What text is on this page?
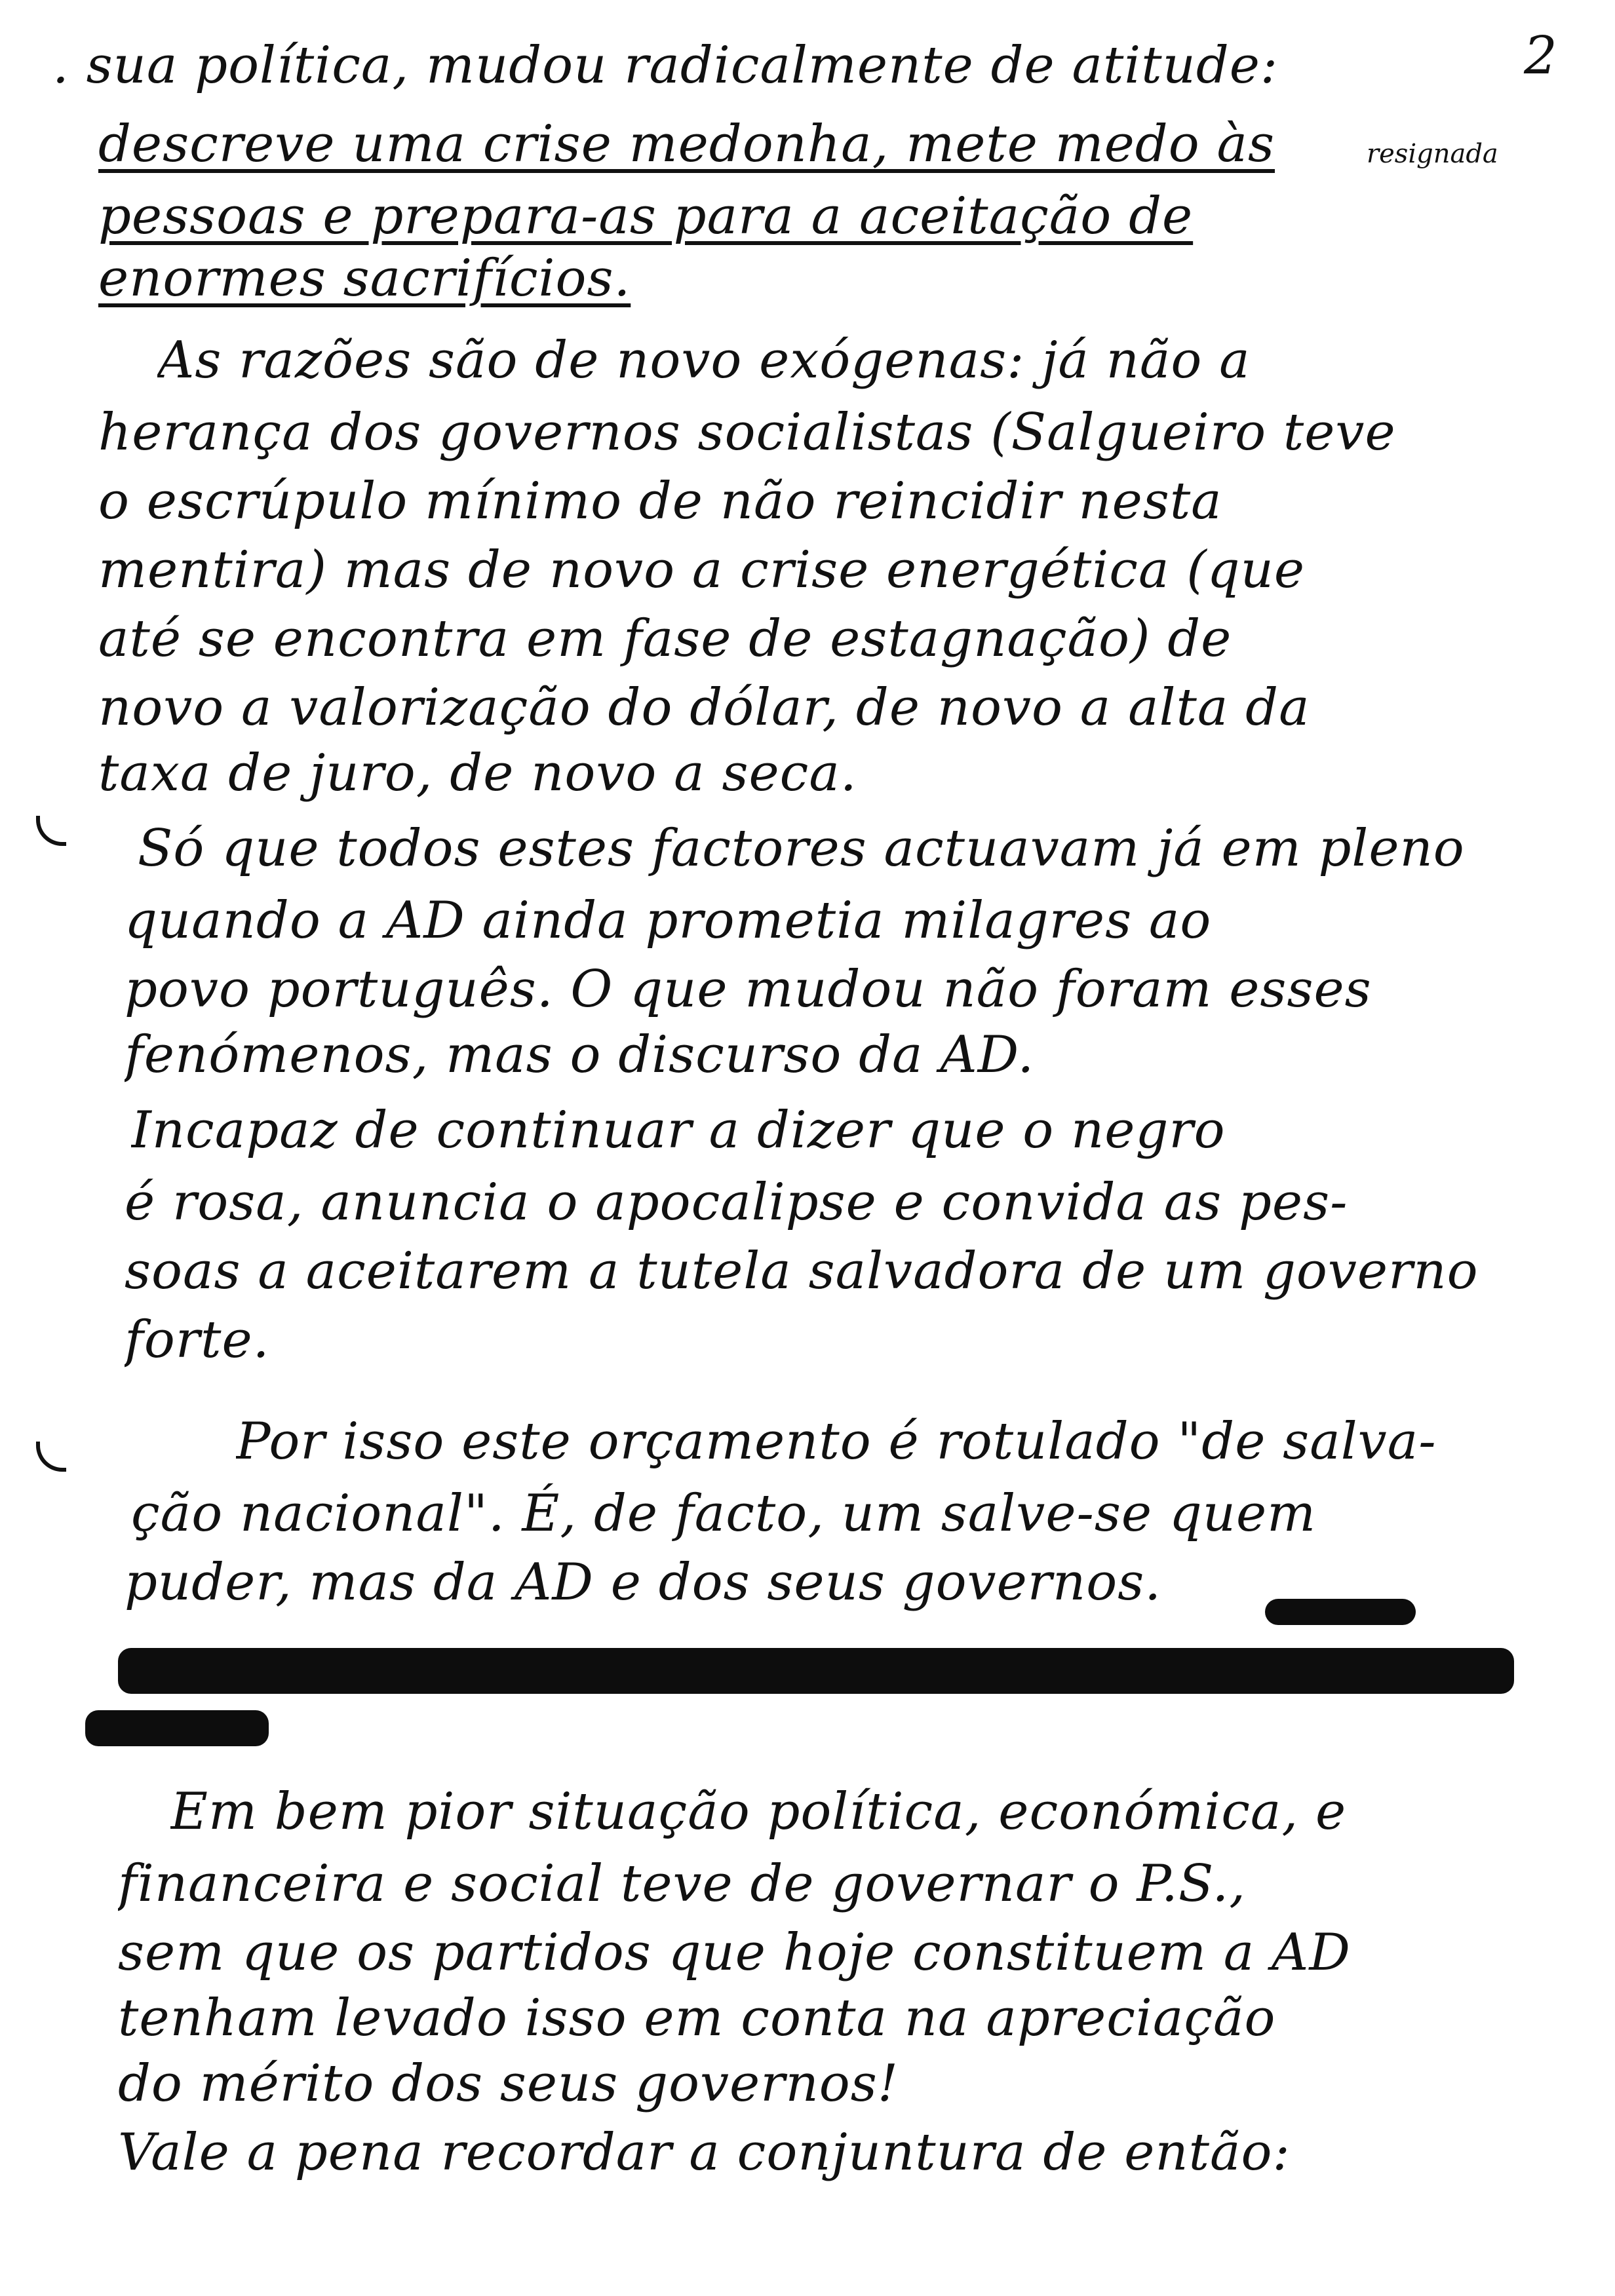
2
resignada
. sua política, mudou radicalmente de atitude:
descreve uma crise medonha, mete medo às
pessoas e prepara-as para a aceitação de
enormes sacrifícios.
As razões são de novo exógenas: já não a
herança dos governos socialistas (Salgueiro teve
o escrúpulo mínimo de não reincidir nesta
mentira) mas de novo a crise energética (que
até se encontra em fase de estagnação) de
novo a valorização do dólar, de novo a alta da
taxa de juro, de novo a seca.
Só que todos estes factores actuavam já em pleno
quando a AD ainda prometia milagres ao
povo português. O que mudou não foram esses
fenómenos, mas o discurso da AD.
Incapaz de continuar a dizer que o negro
é rosa, anuncia o apocalipse e convida as pes-
soas a aceitarem a tutela salvadora de um governo
forte.
Por isso este orçamento é rotulado "de salva-
ção nacional". É, de facto, um salve-se quem
puder, mas da AD e dos seus governos.
Em bem pior situação política, económica, e
financeira e social teve de governar o P.S.,
sem que os partidos que hoje constituem a AD
tenham levado isso em conta na apreciação
do mérito dos seus governos!
Vale a pena recordar a conjuntura de então:
